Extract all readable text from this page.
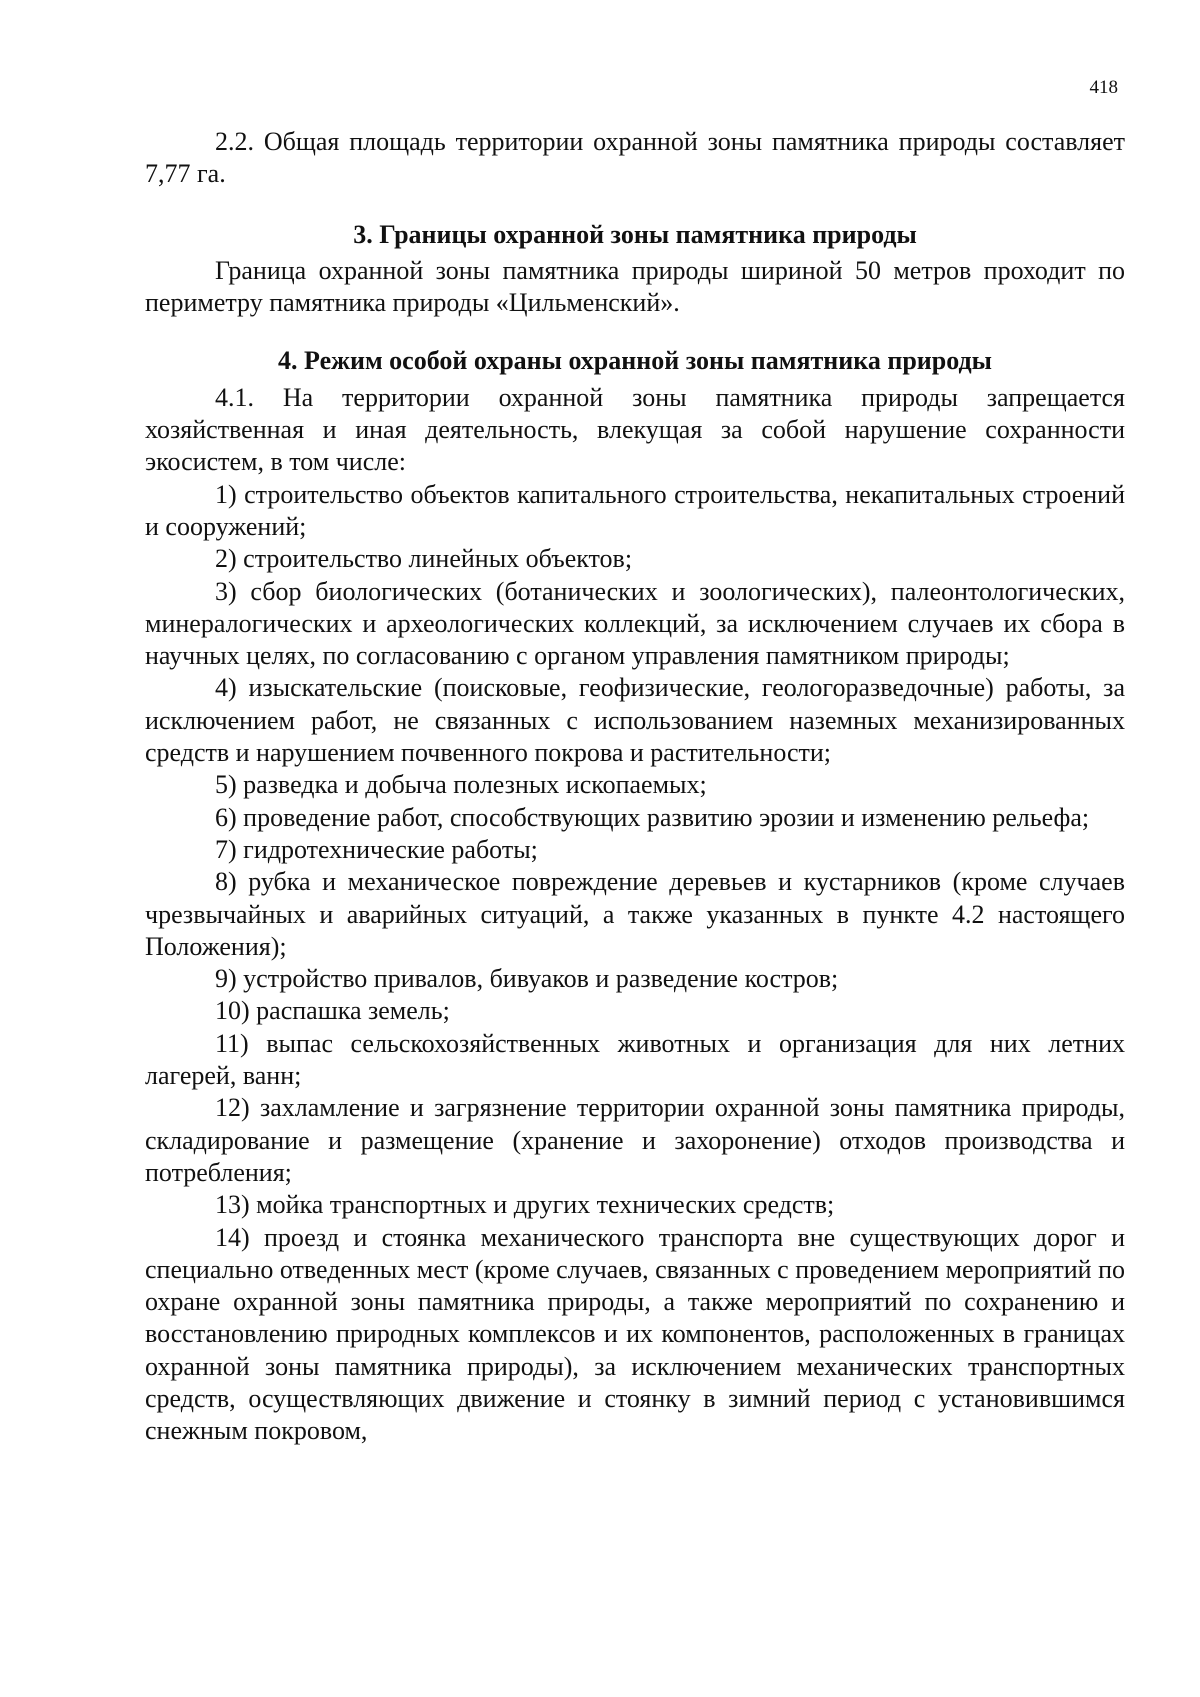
418

2.2. Общая площадь территории охранной зоны памятника природы составляет 7,77 га.

3. Границы охранной зоны памятника природы

Граница охранной зоны памятника природы шириной 50 метров проходит по периметру памятника природы «Цильменский».

4. Режим особой охраны охранной зоны памятника природы

4.1. На территории охранной зоны памятника природы запрещается хозяйственная и иная деятельность, влекущая за собой нарушение сохранности экосистем, в том числе:

1) строительство объектов капитального строительства, некапитальных строений и сооружений;

2) строительство линейных объектов;

3) сбор биологических (ботанических и зоологических), палеонтологических, минералогических и археологических коллекций, за исключением случаев их сбора в научных целях, по согласованию с органом управления памятником природы;

4) изыскательские (поисковые, геофизические, геологоразведочные) работы, за исключением работ, не связанных с использованием наземных механизированных средств и нарушением почвенного покрова и растительности;

5) разведка и добыча полезных ископаемых;

6) проведение работ, способствующих развитию эрозии и изменению рельефа;

7) гидротехнические работы;

8) рубка и механическое повреждение деревьев и кустарников (кроме случаев чрезвычайных и аварийных ситуаций, а также указанных в пункте 4.2 настоящего Положения);

9) устройство привалов, бивуаков и разведение костров;

10) распашка земель;

11) выпас сельскохозяйственных животных и организация для них летних лагерей, ванн;

12) захламление и загрязнение территории охранной зоны памятника природы, складирование и размещение (хранение и захоронение) отходов производства и потребления;

13) мойка транспортных и других технических средств;

14) проезд и стоянка механического транспорта вне существующих дорог и специально отведенных мест (кроме случаев, связанных с проведением мероприятий по охране охранной зоны памятника природы, а также мероприятий по сохранению и восстановлению природных комплексов и их компонентов, расположенных в границах охранной зоны памятника природы), за исключением механических транспортных средств, осуществляющих движение и стоянку в зимний период с установившимся снежным покровом,
